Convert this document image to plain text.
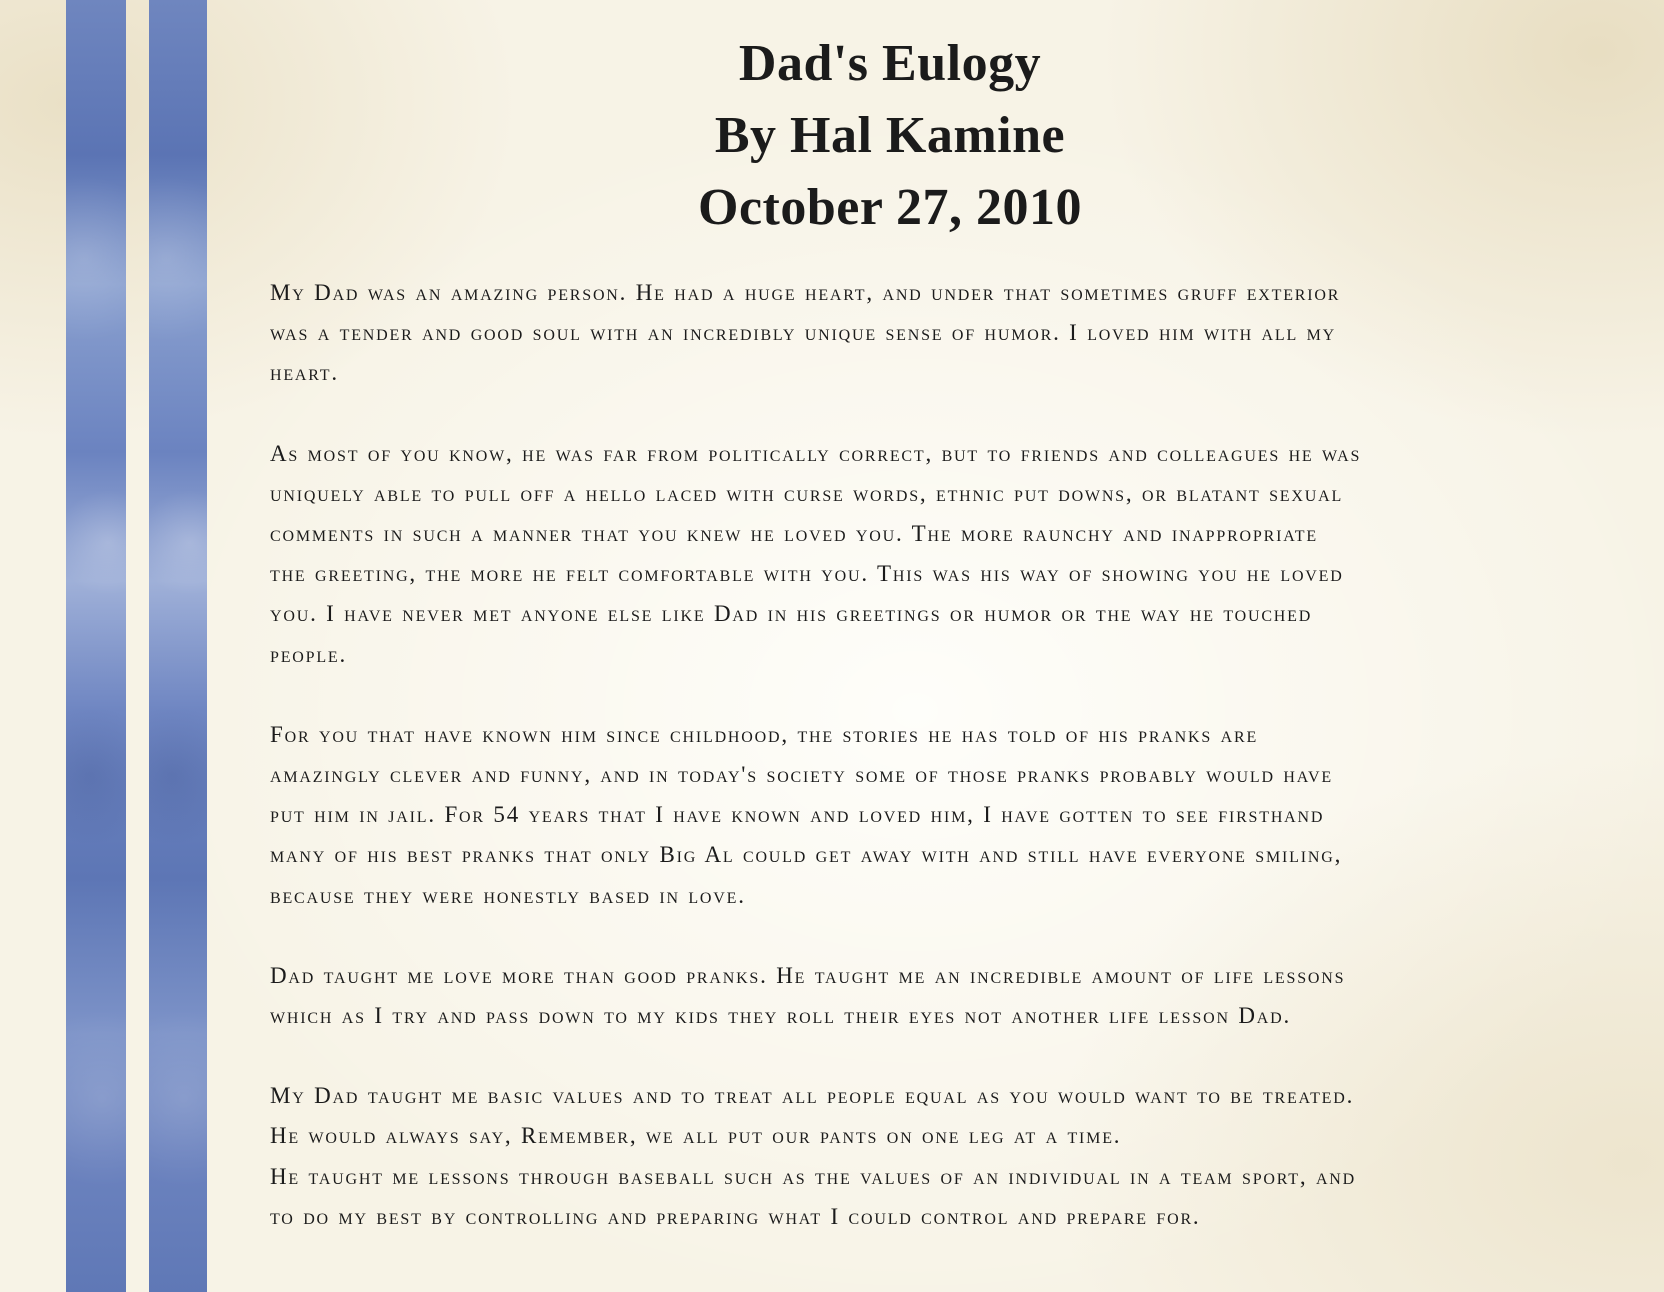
Dad's Eulogy
By Hal Kamine
October 27, 2010

My Dad was an amazing person. He had a huge heart, and under that sometimes gruff exterior
was a tender and good soul with an incredibly unique sense of humor. I loved him with all my
heart.

As most of you know, he was far from politically correct, but to friends and colleagues he was
uniquely able to pull off a hello laced with curse words, ethnic put downs, or blatant sexual
comments in such a manner that you knew he loved you. The more raunchy and inappropriate
the greeting, the more he felt comfortable with you. This was his way of showing you he loved
you. I have never met anyone else like Dad in his greetings or humor or the way he touched
people.

For you that have known him since childhood, the stories he has told of his pranks are
amazingly clever and funny, and in today's society some of those pranks probably would have
put him in jail. For 54 years that I have known and loved him, I have gotten to see firsthand
many of his best pranks that only Big Al could get away with and still have everyone smiling,
because they were honestly based in love.

Dad taught me love more than good pranks. He taught me an incredible amount of life lessons
which as I try and pass down to my kids they roll their eyes not another life lesson Dad.

My Dad taught me basic values and to treat all people equal as you would want to be treated.
He would always say, Remember, we all put our pants on one leg at a time.
He taught me lessons through baseball such as the values of an individual in a team sport, and
to do my best by controlling and preparing what I could control and prepare for.
